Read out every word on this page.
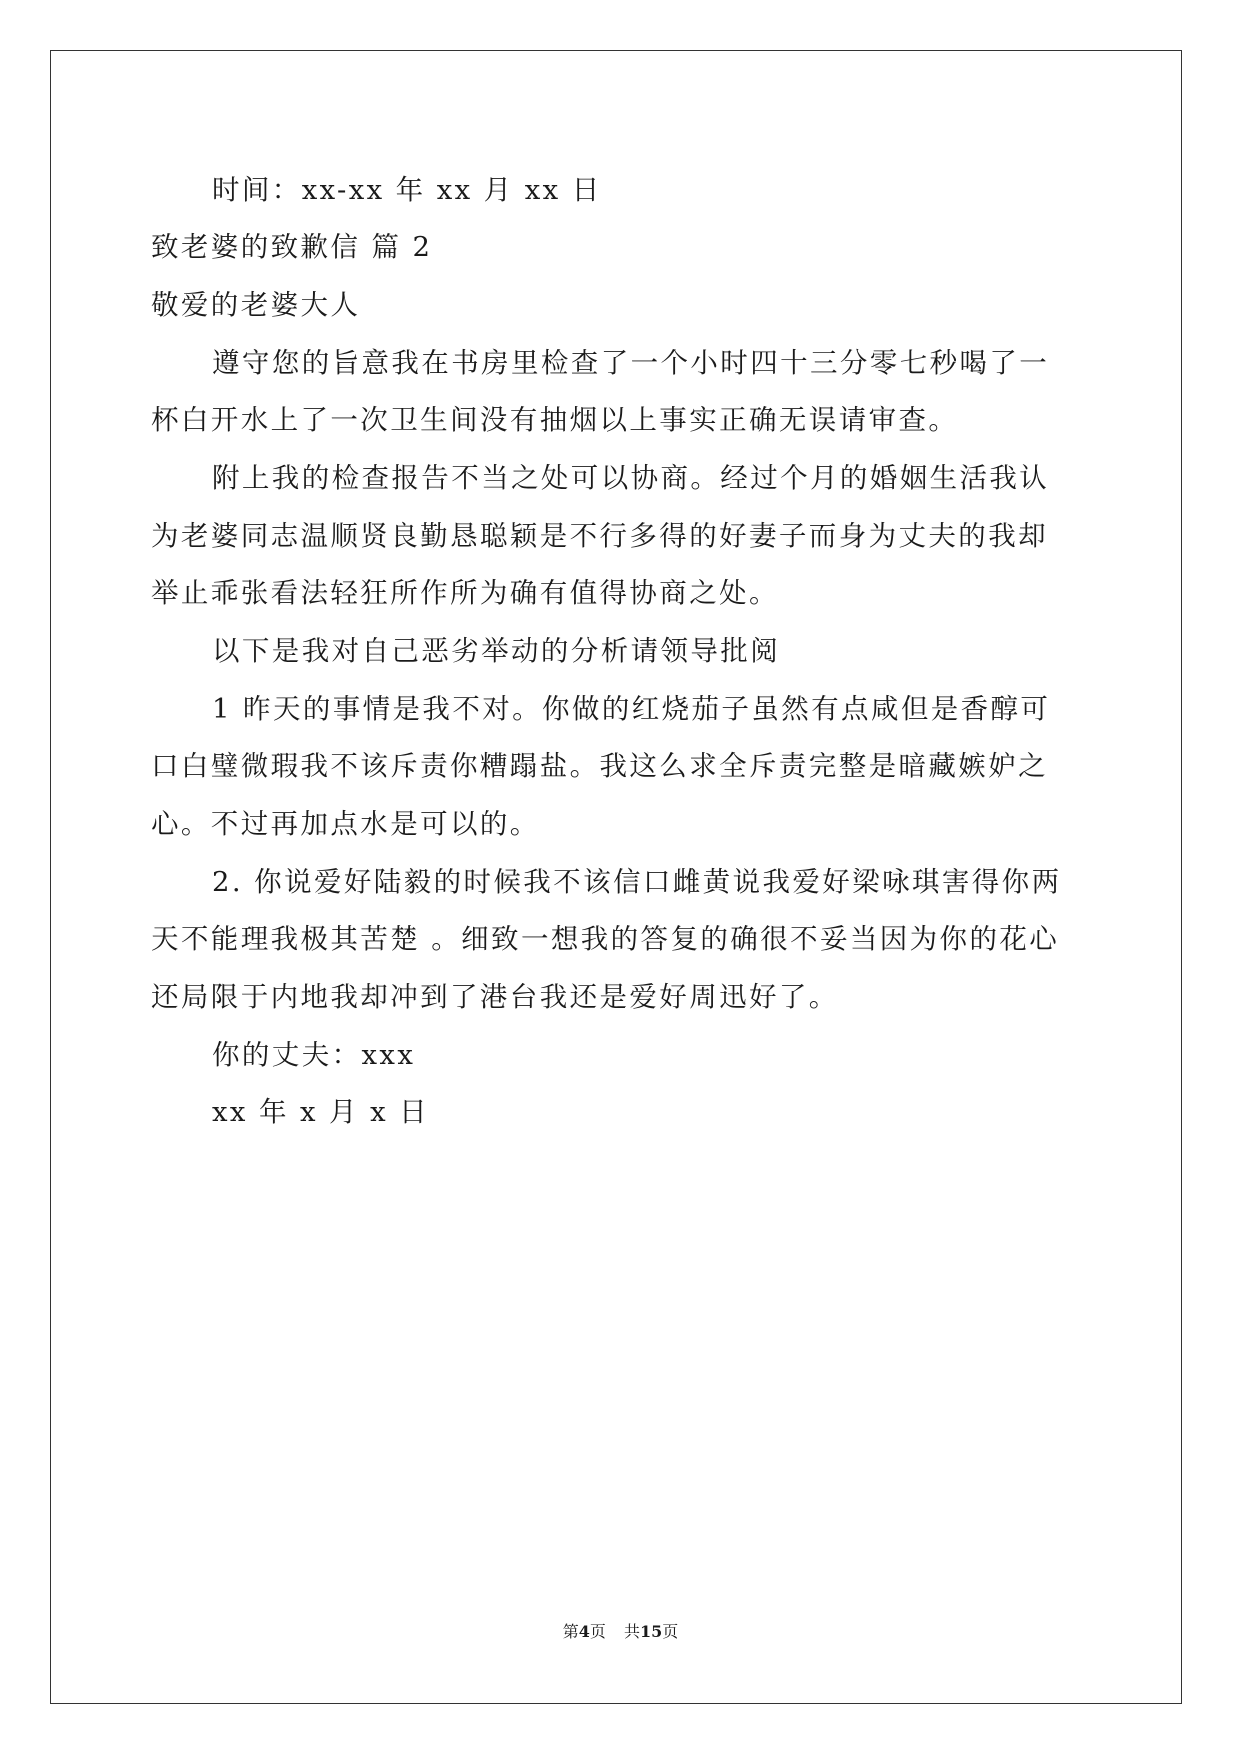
时间：xx-xx 年 xx 月 xx 日
致老婆的致歉信 篇 2
敬爱的老婆大人
遵守您的旨意我在书房里检查了一个小时四十三分零七秒喝了一
杯白开水上了一次卫生间没有抽烟以上事实正确无误请审查。
附上我的检查报告不当之处可以协商。经过个月的婚姻生活我认
为老婆同志温顺贤良勤恳聪颖是不行多得的好妻子而身为丈夫的我却
举止乖张看法轻狂所作所为确有值得协商之处。
以下是我对自己恶劣举动的分析请领导批阅
1 昨天的事情是我不对。你做的红烧茄子虽然有点咸但是香醇可
口白璧微瑕我不该斥责你糟蹋盐。我这么求全斥责完整是暗藏嫉妒之
心。不过再加点水是可以的。
2. 你说爱好陆毅的时候我不该信口雌黄说我爱好梁咏琪害得你两
天不能理我极其苦楚 。细致一想我的答复的确很不妥当因为你的花心
还局限于内地我却冲到了港台我还是爱好周迅好了。
你的丈夫：xxx
xx 年 x 月 x 日
第4页 共15页
